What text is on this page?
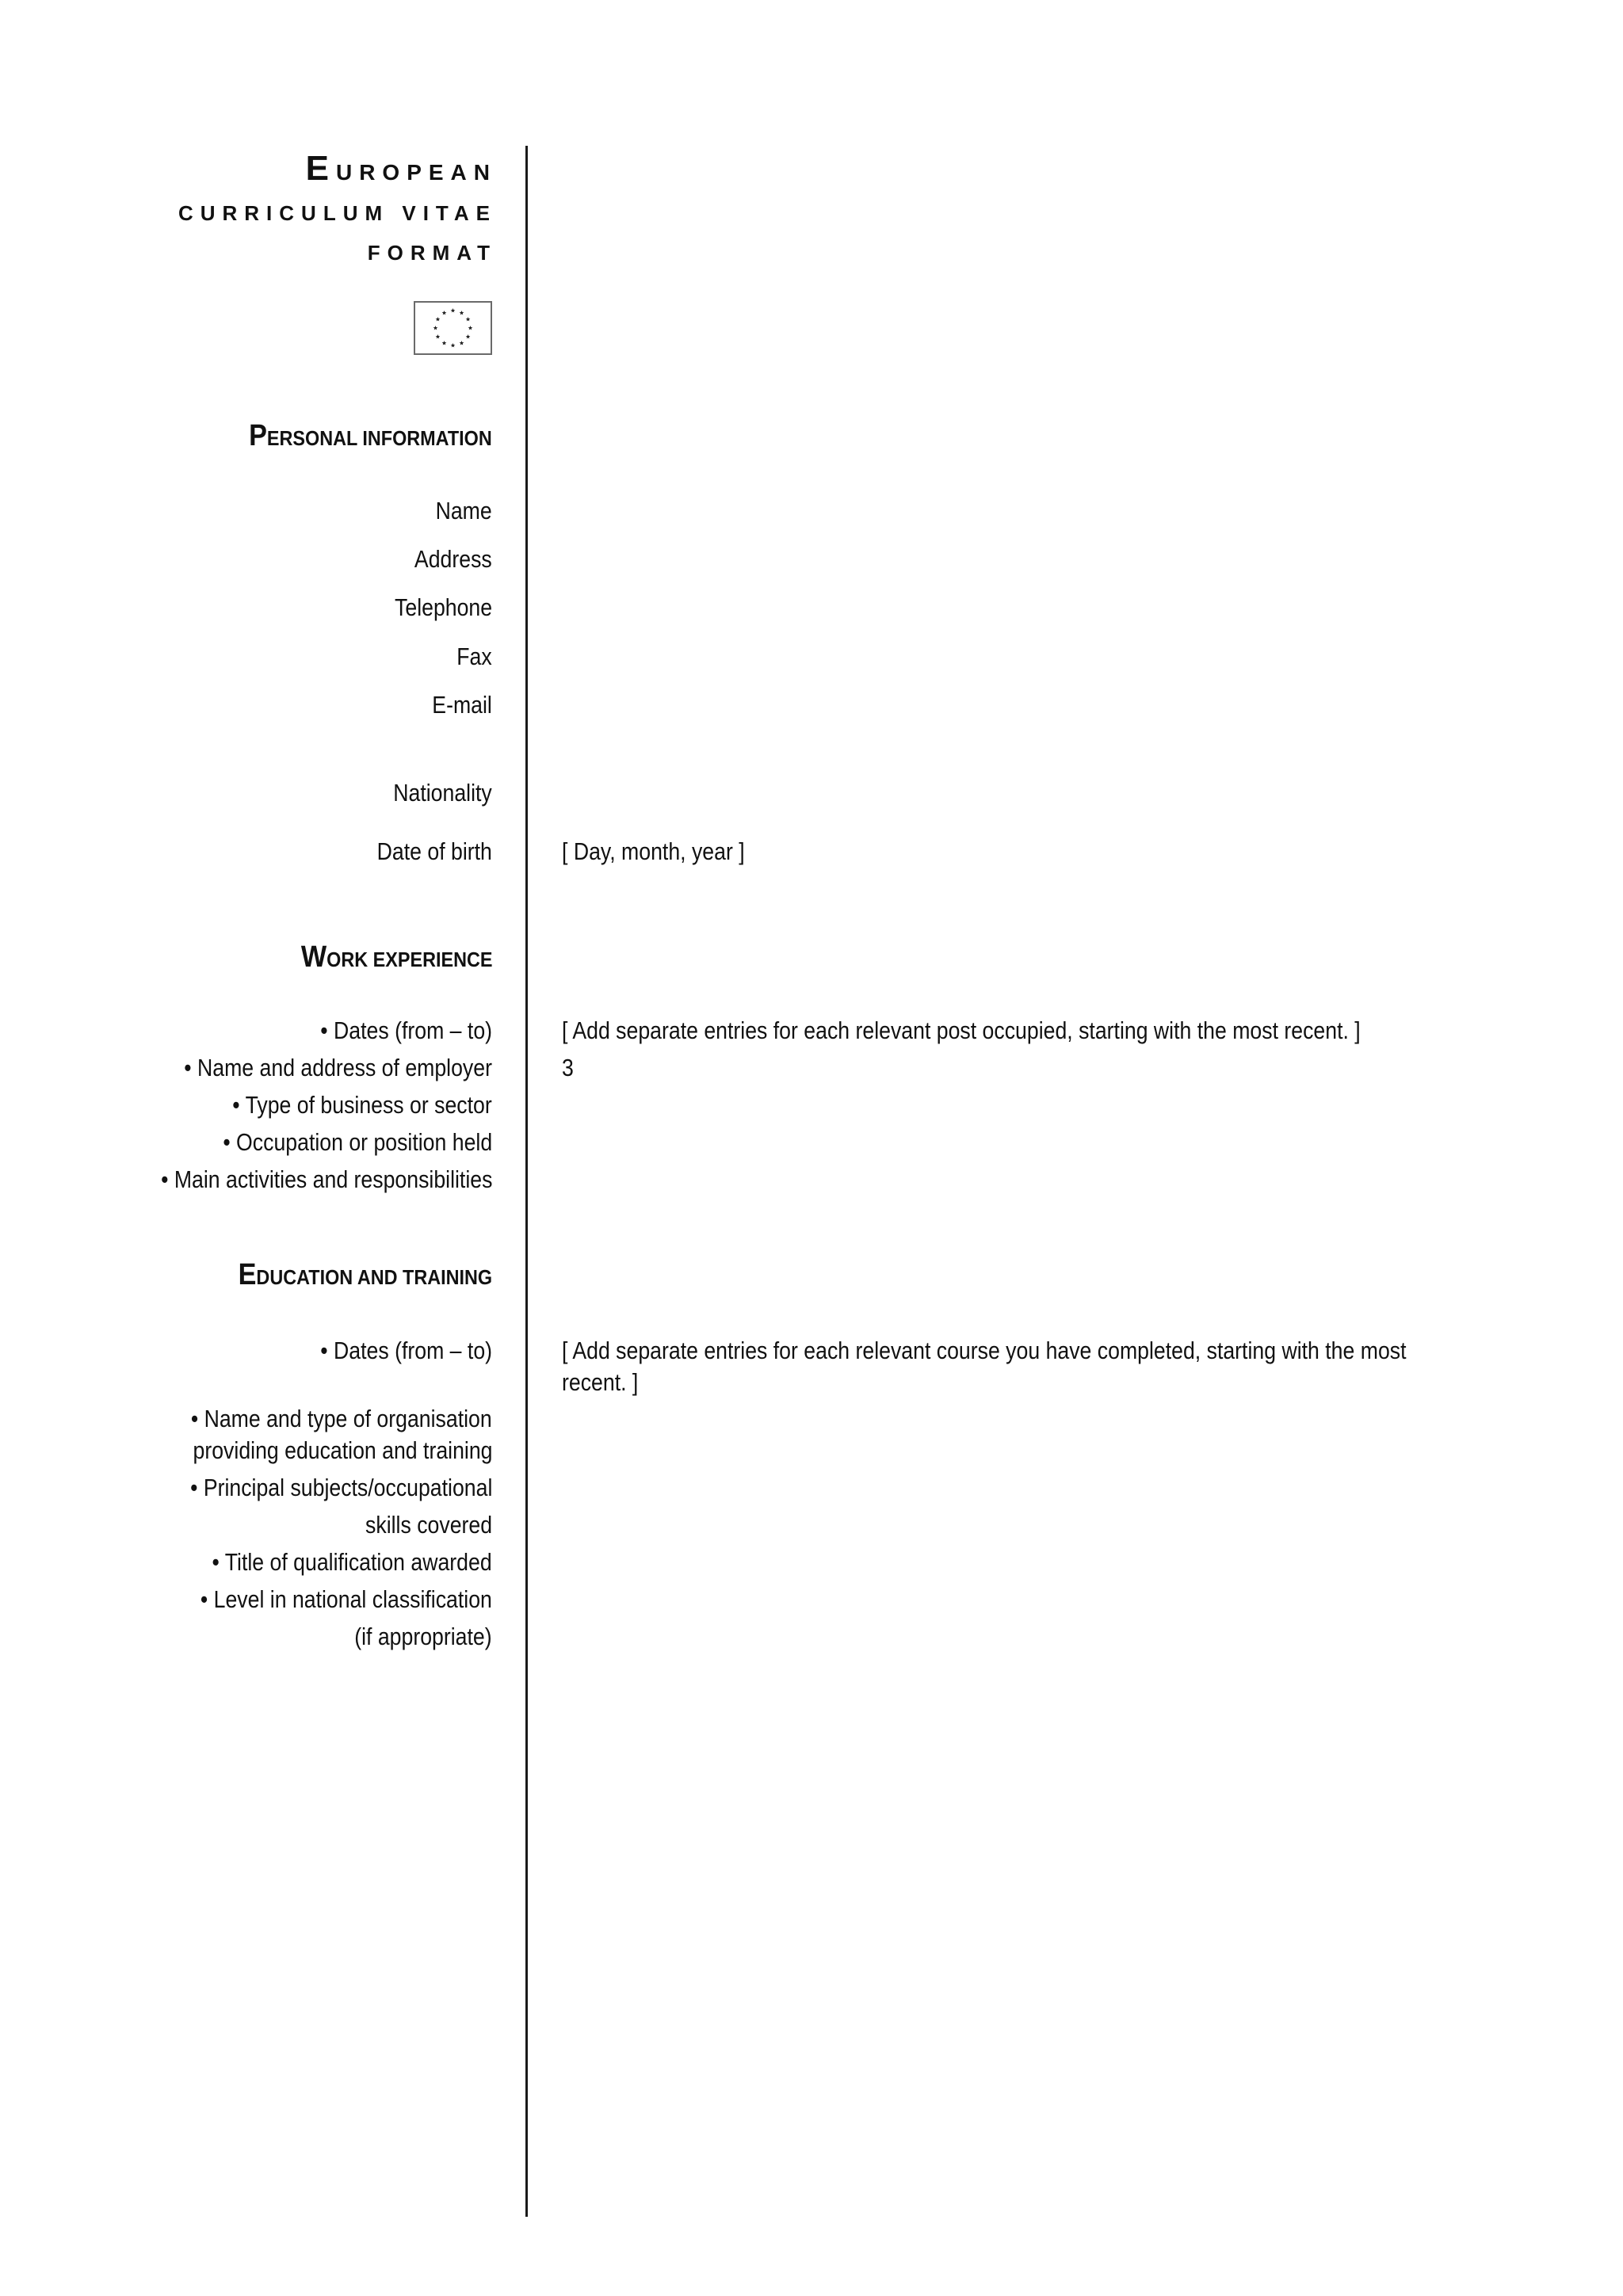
EUROPEAN
CURRICULUM VITAE
FORMAT
PERSONAL INFORMATION
Name
Address
Telephone
Fax
E-mail
Nationality
Date of birth	[ Day, month, year ]
WORK EXPERIENCE
• Dates (from – to)	[ Add separate entries for each relevant post occupied, starting with the most recent. ]
• Name and address of employer	3
• Type of business or sector
• Occupation or position held
• Main activities and responsibilities
EDUCATION AND TRAINING
• Dates (from – to)	[ Add separate entries for each relevant course you have completed, starting with the most
recent. ]
• Name and type of organisation
providing education and training
• Principal subjects/occupational
skills covered
• Title of qualification awarded
• Level in national classification
(if appropriate)
